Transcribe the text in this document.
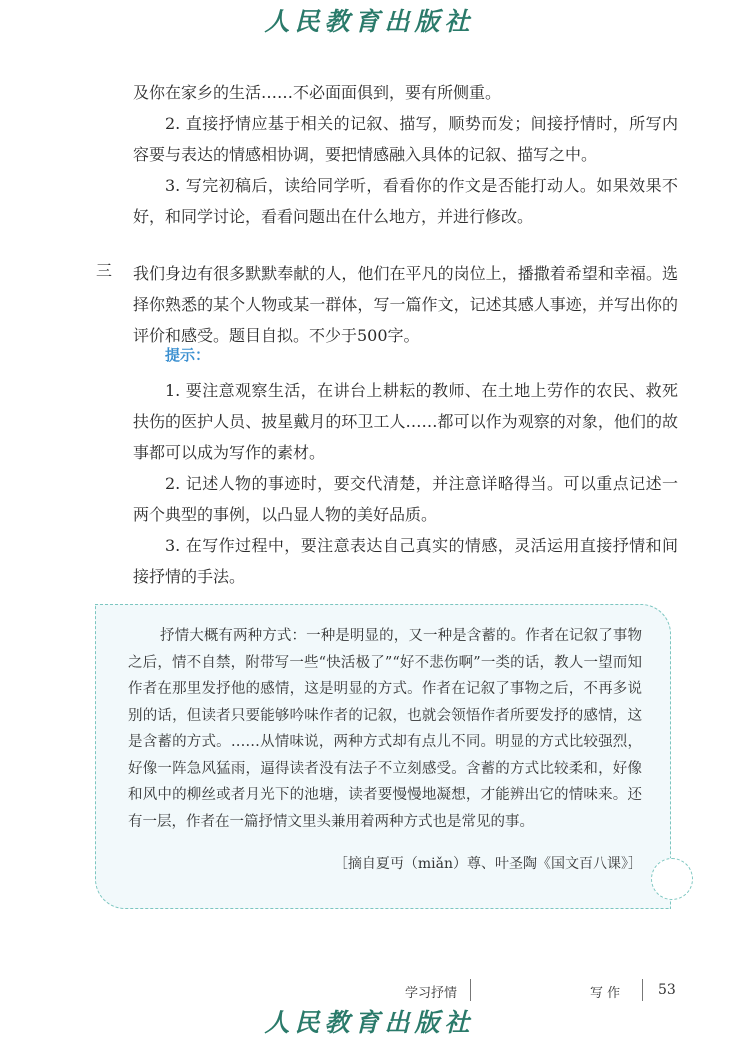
人民教育出版社

及你在家乡的生活……不必面面俱到，要有所侧重。

2. 直接抒情应基于相关的记叙、描写，顺势而发；间接抒情时，所写内容要与表达的情感相协调，要把情感融入具体的记叙、描写之中。

3. 写完初稿后，读给同学听，看看你的作文是否能打动人。如果效果不好，和同学讨论，看看问题出在什么地方，并进行修改。

三 我们身边有很多默默奉献的人，他们在平凡的岗位上，播撒着希望和幸福。选择你熟悉的某个人物或某一群体，写一篇作文，记述其感人事迹，并写出你的评价和感受。题目自拟。不少于500字。

提示：

1. 要注意观察生活，在讲台上耕耘的教师、在土地上劳作的农民、救死扶伤的医护人员、披星戴月的环卫工人……都可以作为观察的对象，他们的故事都可以成为写作的素材。

2. 记述人物的事迹时，要交代清楚，并注意详略得当。可以重点记述一两个典型的事例，以凸显人物的美好品质。

3. 在写作过程中，要注意表达自己真实的情感，灵活运用直接抒情和间接抒情的手法。

抒情大概有两种方式：一种是明显的，又一种是含蓄的。作者在记叙了事物之后，情不自禁，附带写一些“快活极了”“好不悲伤啊”一类的话，教人一望而知作者在那里发抒他的感情，这是明显的方式。作者在记叙了事物之后，不再多说别的话，但读者只要能够吟味作者的记叙，也就会领悟作者所要发抒的感情，这是含蓄的方式。……从情味说，两种方式却有点儿不同。明显的方式比较强烈，好像一阵急风猛雨，逼得读者没有法子不立刻感受。含蓄的方式比较柔和，好像和风中的柳丝或者月光下的池塘，读者要慢慢地凝想，才能辨出它的情味来。还有一层，作者在一篇抒情文里头兼用着两种方式也是常见的事。

［摘自夏丏（miǎn）尊、叶圣陶《国文百八课》］
学习抒情	写 作	53
人民教育出版社
